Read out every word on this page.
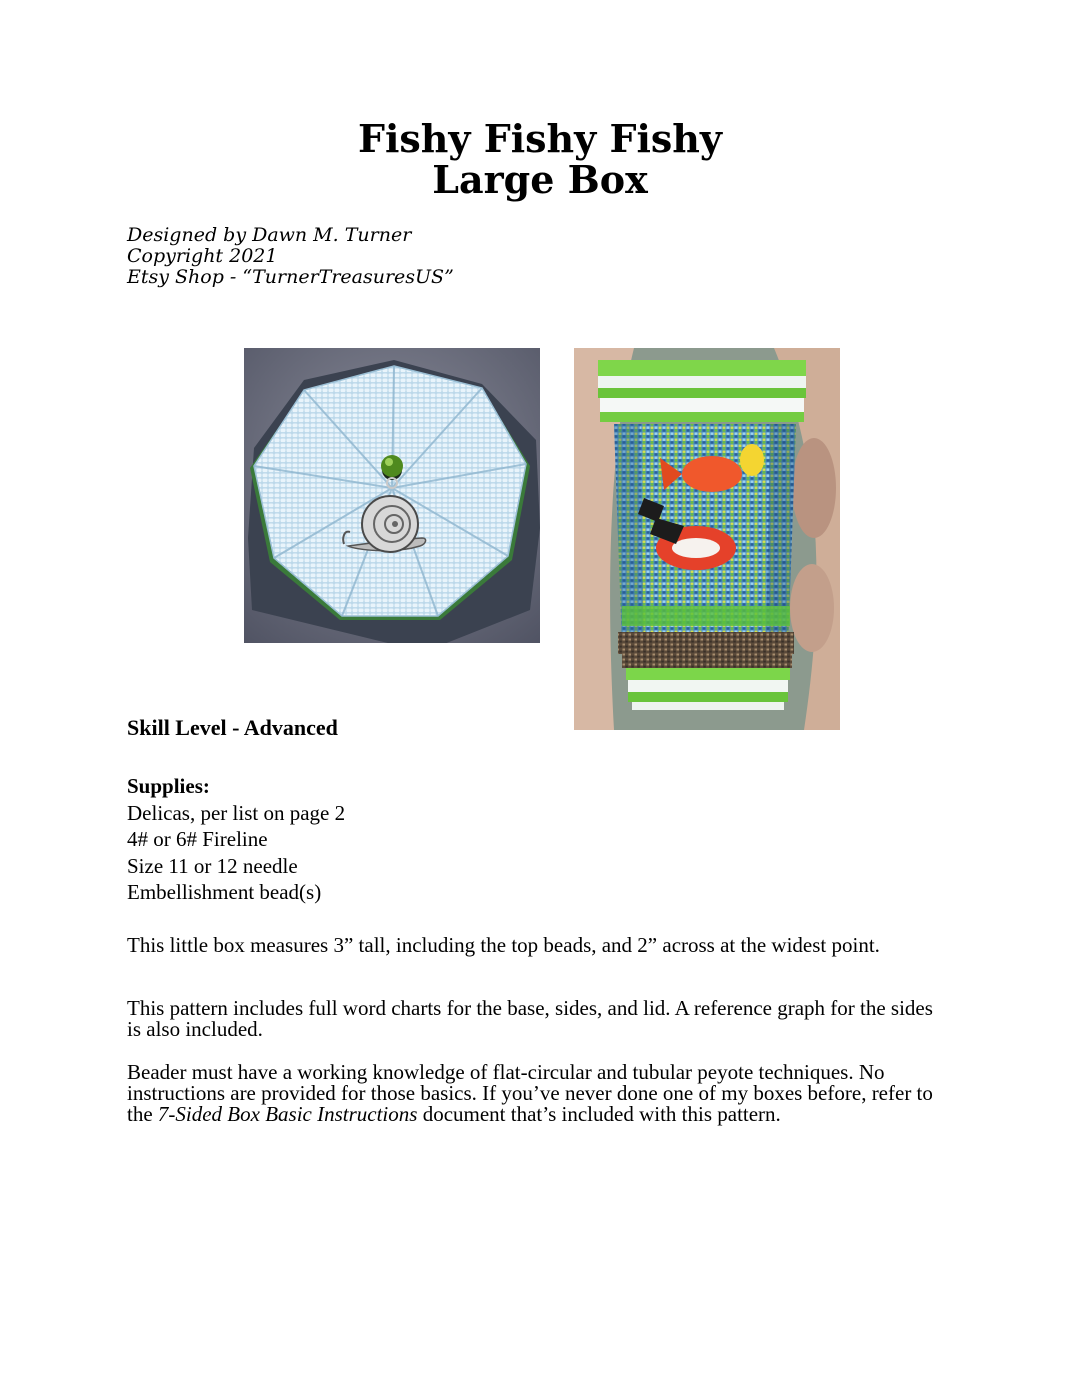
Fishy Fishy Fishy
Large Box
Designed by Dawn M. Turner
Copyright 2021
Etsy Shop - “TurnerTreasuresUS”
Skill Level - Advanced
Supplies:
Delicas, per list on page 2
4# or 6# Fireline
Size 11 or 12 needle
Embellishment bead(s)
This little box measures 3” tall, including the top beads, and 2” across at the widest point.
This pattern includes full word charts for the base, sides, and lid. A reference graph for the sides is also included.
Beader must have a working knowledge of flat-circular and tubular peyote techniques. No instructions are provided for those basics. If you’ve never done one of my boxes before, refer to the 7-Sided Box Basic Instructions document that’s included with this pattern.
